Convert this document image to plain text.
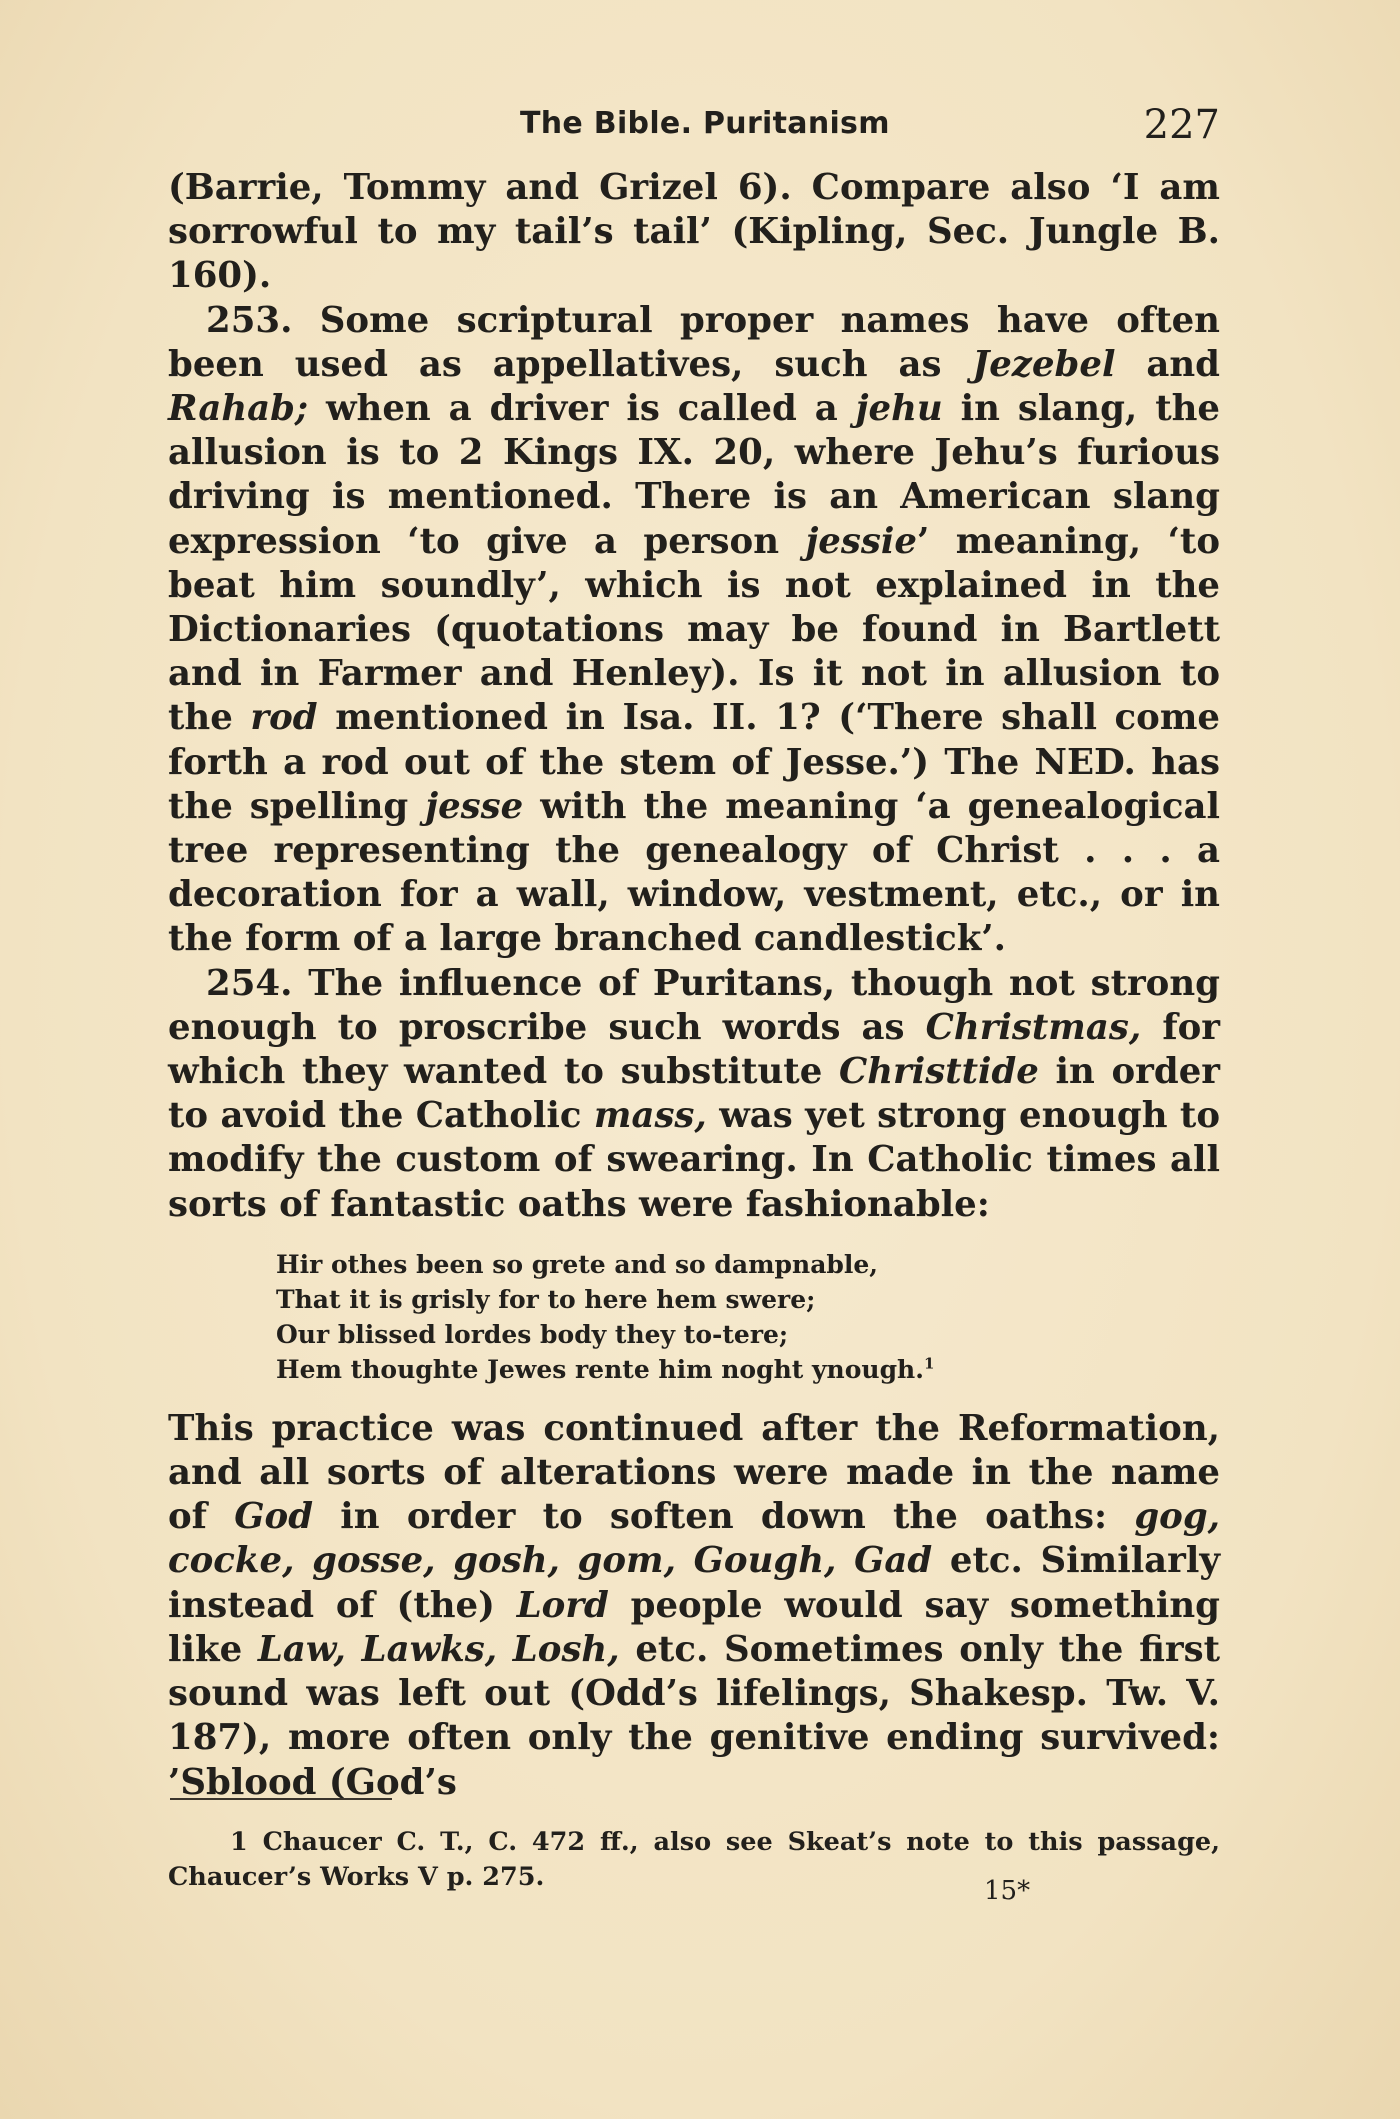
The Bible. Puritanism	227

(Barrie, Tommy and Grizel 6). Compare also ‘I am sorrowful to my tail’s tail’ (Kipling, Sec. Jungle B. 160).

253. Some scriptural proper names have often been used as appellatives, such as Jezebel and Rahab; when a driver is called a jehu in slang, the allusion is to 2 Kings IX. 20, where Jehu’s furious driving is mentioned. There is an American slang expression ‘to give a person jessie’ meaning, ‘to beat him soundly’, which is not explained in the Dictionaries (quotations may be found in Bartlett and in Farmer and Henley). Is it not in allusion to the rod mentioned in Isa. II. 1? (‘There shall come forth a rod out of the stem of Jesse.’) The NED. has the spelling jesse with the meaning ‘a genealogical tree representing the genealogy of Christ . . . a decoration for a wall, window, vestment, etc., or in the form of a large branched candlestick’.

254. The influence of Puritans, though not strong enough to proscribe such words as Christmas, for which they wanted to substitute Christtide in order to avoid the Catholic mass, was yet strong enough to modify the custom of swearing. In Catholic times all sorts of fantastic oaths were fashionable:

Hir othes been so grete and so dampnable,
That it is grisly for to here hem swere;
Our blissed lordes body they to-tere;
Hem thoughte Jewes rente him noght ynough.$^1$

This practice was continued after the Reformation, and all sorts of alterations were made in the name of God in order to soften down the oaths: gog, cocke, gosse, gosh, gom, Gough, Gad etc. Similarly instead of (the) Lord people would say something like Law, Lawks, Losh, etc. Sometimes only the first sound was left out (Odd’s lifelings, Shakesp. Tw. V. 187), more often only the genitive ending survived: ’Sblood (God’s

1 Chaucer C. T., C. 472 ff., also see Skeat’s note to this passage, Chaucer’s Works V p. 275.	15*
